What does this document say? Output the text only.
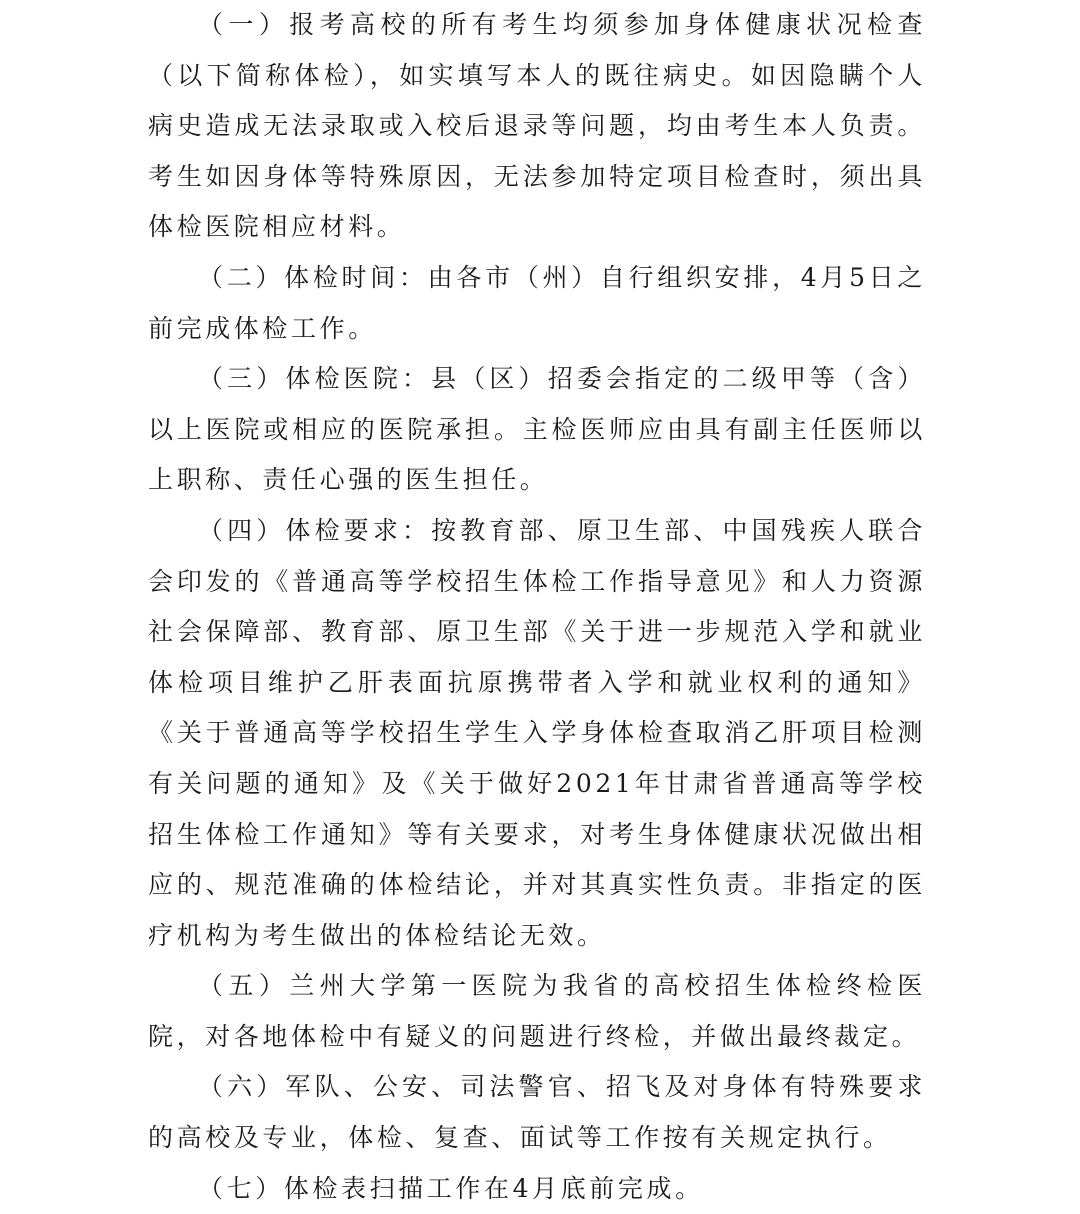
（一）报考高校的所有考生均须参加身体健康状况检查（以下简称体检），如实填写本人的既往病史。如因隐瞒个人病史造成无法录取或入校后退录等问题，均由考生本人负责。考生如因身体等特殊原因，无法参加特定项目检查时，须出具体检医院相应材料。

（二）体检时间：由各市（州）自行组织安排，4月5日之前完成体检工作。

（三）体检医院：县（区）招委会指定的二级甲等（含）以上医院或相应的医院承担。主检医师应由具有副主任医师以上职称、责任心强的医生担任。

（四）体检要求：按教育部、原卫生部、中国残疾人联合会印发的《普通高等学校招生体检工作指导意见》和人力资源社会保障部、教育部、原卫生部《关于进一步规范入学和就业体检项目维护乙肝表面抗原携带者入学和就业权利的通知》《关于普通高等学校招生学生入学身体检查取消乙肝项目检测有关问题的通知》及《关于做好2021年甘肃省普通高等学校招生体检工作通知》等有关要求，对考生身体健康状况做出相应的、规范准确的体检结论，并对其真实性负责。非指定的医疗机构为考生做出的体检结论无效。

（五）兰州大学第一医院为我省的高校招生体检终检医院，对各地体检中有疑义的问题进行终检，并做出最终裁定。

（六）军队、公安、司法警官、招飞及对身体有特殊要求的高校及专业，体检、复查、面试等工作按有关规定执行。

（七）体检表扫描工作在4月底前完成。
